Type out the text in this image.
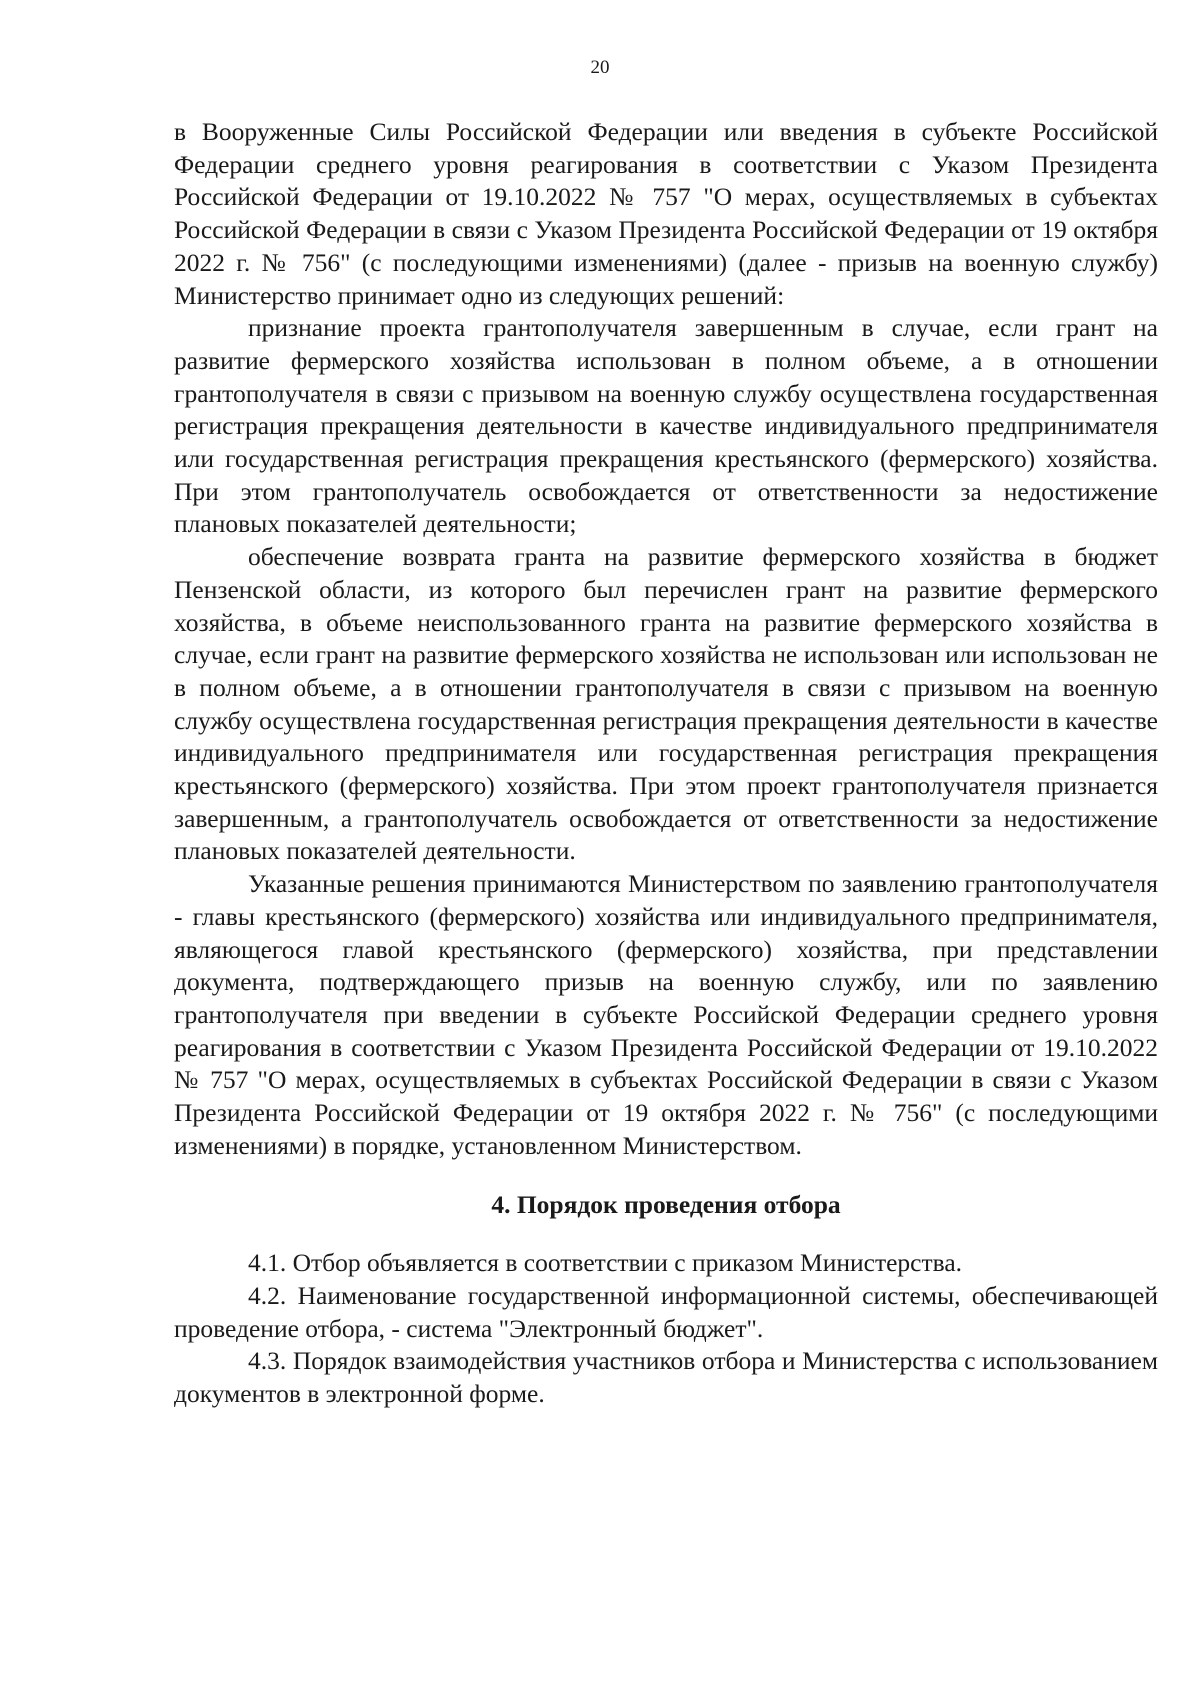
20

в Вооруженные Силы Российской Федерации или введения в субъекте Российской Федерации среднего уровня реагирования в соответствии с Указом Президента Российской Федерации от 19.10.2022 № 757 "О мерах, осуществляемых в субъектах Российской Федерации в связи с Указом Президента Российской Федерации от 19 октября 2022 г. № 756" (с последующими изменениями) (далее - призыв на военную службу) Министерство принимает одно из следующих решений:

признание проекта грантополучателя завершенным в случае, если грант на развитие фермерского хозяйства использован в полном объеме, а в отношении грантополучателя в связи с призывом на военную службу осуществлена государственная регистрация прекращения деятельности в качестве индивидуального предпринимателя или государственная регистрация прекращения крестьянского (фермерского) хозяйства. При этом грантополучатель освобождается от ответственности за недостижение плановых показателей деятельности;

обеспечение возврата гранта на развитие фермерского хозяйства в бюджет Пензенской области, из которого был перечислен грант на развитие фермерского хозяйства, в объеме неиспользованного гранта на развитие фермерского хозяйства в случае, если грант на развитие фермерского хозяйства не использован или использован не в полном объеме, а в отношении грантополучателя в связи с призывом на военную службу осуществлена государственная регистрация прекращения деятельности в качестве индивидуального предпринимателя или государственная регистрация прекращения крестьянского (фермерского) хозяйства. При этом проект грантополучателя признается завершенным, а грантополучатель освобождается от ответственности за недостижение плановых показателей деятельности.

Указанные решения принимаются Министерством по заявлению грантополучателя - главы крестьянского (фермерского) хозяйства или индивидуального предпринимателя, являющегося главой крестьянского (фермерского) хозяйства, при представлении документа, подтверждающего призыв на военную службу, или по заявлению грантополучателя при введении в субъекте Российской Федерации среднего уровня реагирования в соответствии с Указом Президента Российской Федерации от 19.10.2022 № 757 "О мерах, осуществляемых в субъектах Российской Федерации в связи с Указом Президента Российской Федерации от 19 октября 2022 г. № 756" (с последующими изменениями) в порядке, установленном Министерством.

4. Порядок проведения отбора

4.1. Отбор объявляется в соответствии с приказом Министерства.

4.2. Наименование государственной информационной системы, обеспечивающей проведение отбора, - система "Электронный бюджет".

4.3. Порядок взаимодействия участников отбора и Министерства с использованием документов в электронной форме.
